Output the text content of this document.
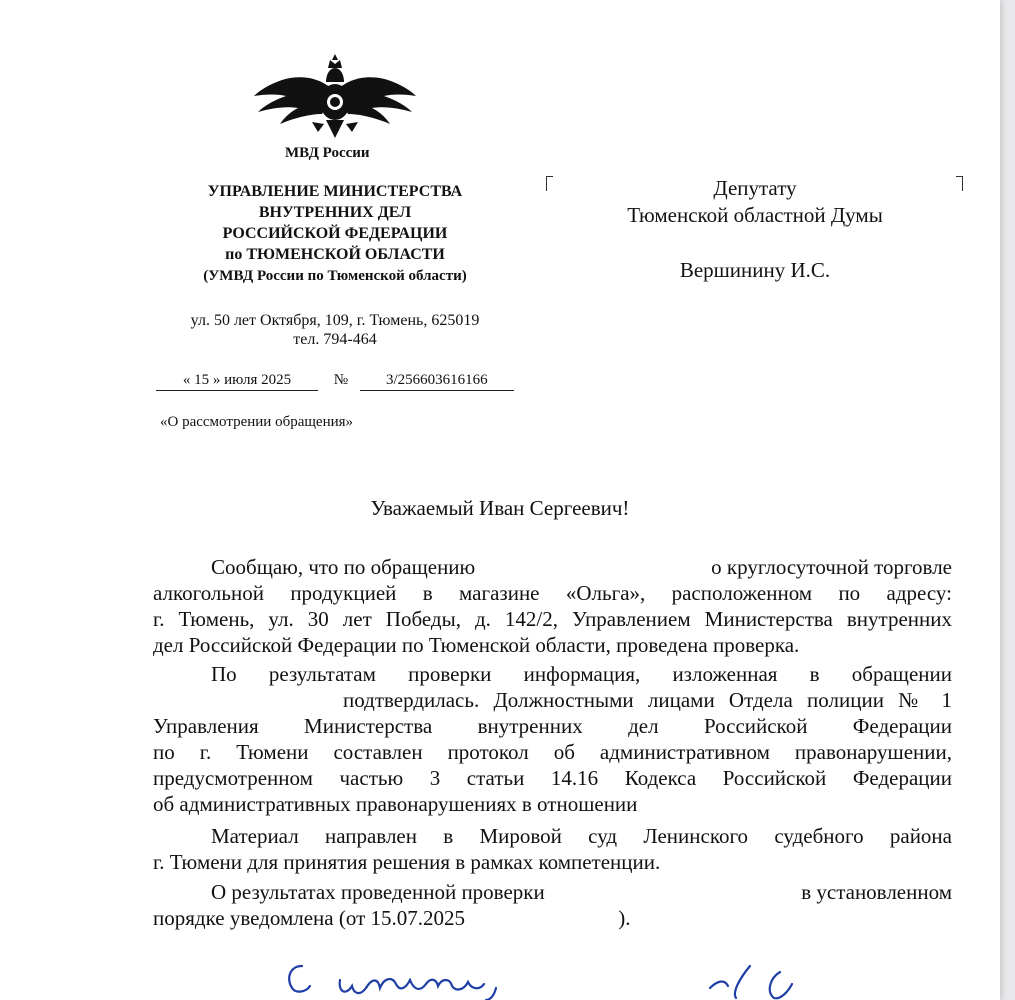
МВД России
УПРАВЛЕНИЕ МИНИСТЕРСТВА
ВНУТРЕННИХ ДЕЛ
РОССИЙСКОЙ ФЕДЕРАЦИИ
по ТЮМЕНСКОЙ ОБЛАСТИ
(УМВД России по Тюменской области)
ул. 50 лет Октября, 109, г. Тюмень, 625019
тел. 794-464
« 15 » июля 2025	№	3/256603616166
«О рассмотрении обращения»
Депутату
Тюменской областной Думы
Вершинину И.С.
Уважаемый Иван Сергеевич!
Сообщаю, что по обращению	о круглосуточной торговле
алкогольной продукцией в магазине «Ольга», расположенном по адресу:
г. Тюмень, ул. 30 лет Победы, д. 142/2, Управлением Министерства внутренних
дел Российской Федерации по Тюменской области, проведена проверка.
По результатам проверки информация, изложенная в обращении
подтвердилась. Должностными лицами Отдела полиции № 1
Управления Министерства внутренних дел Российской Федерации
по г. Тюмени составлен протокол об административном правонарушении,
предусмотренном частью 3 статьи 14.16 Кодекса Российской Федерации
об административных правонарушениях в отношении
Материал направлен в Мировой суд Ленинского судебного района
г. Тюмени для принятия решения в рамках компетенции.
О результатах проведенной проверки	в установленном
порядке уведомлена (от 15.07.2025	).
